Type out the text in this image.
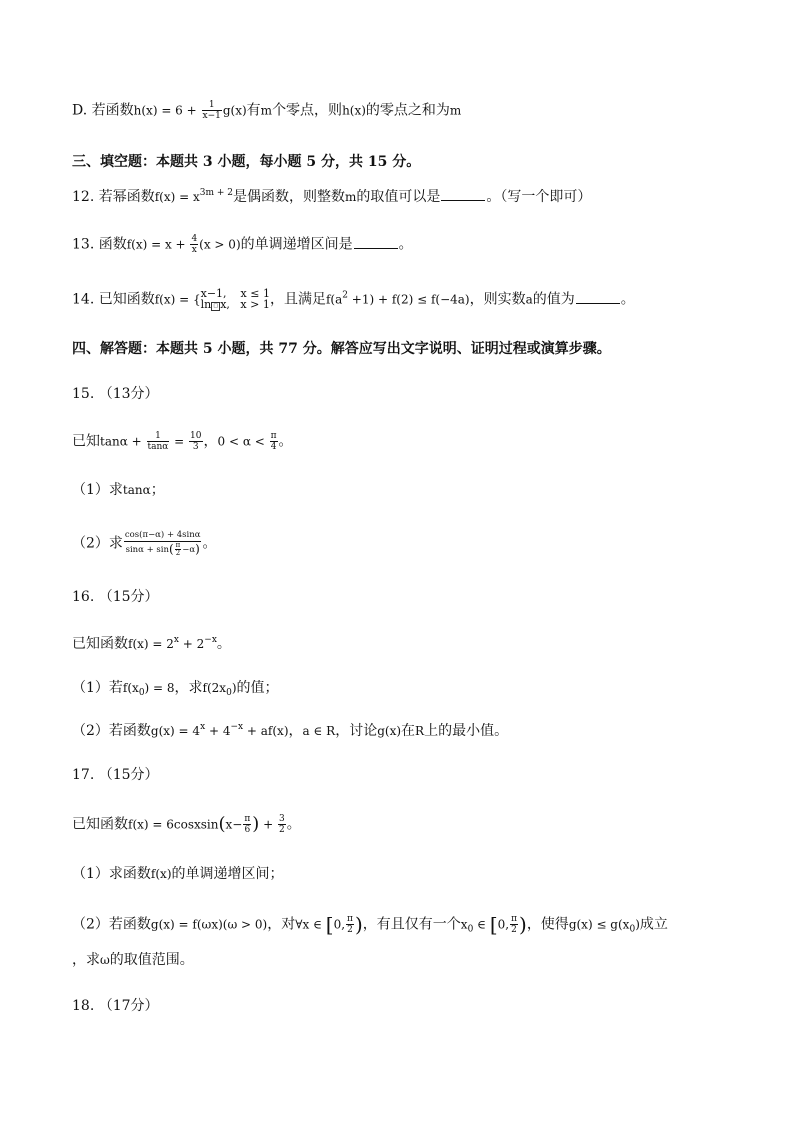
D. 若函数$h(x) = 6 + \frac{1}{x-1} g(x)$有m个零点，则h(x)的零点之和为m
三、填空题：本题共 3 小题，每小题 5 分，共 15 分。
12. 若幂函数$f(x) = x^{3m + 2}$是偶函数，则整数m的取值可以是	。（写一个即可）
13. 函数$f(x) = x + \frac{4}{x} (x > 0)$的单调递增区间是	。
14. 已知函数f(x) = { x−1, x ≤ 1
ln □ x, x > 1 ，且满足$f(a^2 +1) + f(2) \le f(-4a)$，则实数a的值为	。
四、解答题：本题共 5 小题，共 77 分。解答应写出文字说明、证明过程或演算步骤。
15. （13分）
已知$\tan\alpha + \frac{1}{\tan\alpha} = \frac{10}{3}$ ，$0 < \alpha < \frac{\pi}{4}$ 。
（1）求tanα；
（2）求 $\frac{\cos(\pi-\alpha) + 4\sin\alpha}{\sin\alpha + \sin( \frac{\pi}{2} -\alpha)}$ 。
16. （15分）
已知函数$f(x) = 2^x + 2^{-x}$。
（1）若$f(x_0) = 8$，求$f(2x_0)$的值；
（2）若函数$g(x) = 4^x + 4^{-x} + af(x)$，a ∈ R，讨论g(x)在R上的最小值。
17. （15分）
已知函数f(x) = 6cosxsin(x− $\frac{\pi}{6}$ ) + $\frac{3}{2}$ 。
（1）求函数f(x)的单调递增区间；
（2）若函数g(x) = f(ωx)(ω > 0)，对∀x ∈ [0, $\frac{\pi}{2}$ )，有且仅有一个$x_0$ ∈ [0, $\frac{\pi}{2}$ )，使得$g(x) \le g(x_0)$成立
，求ω的取值范围。
18. （17分）
